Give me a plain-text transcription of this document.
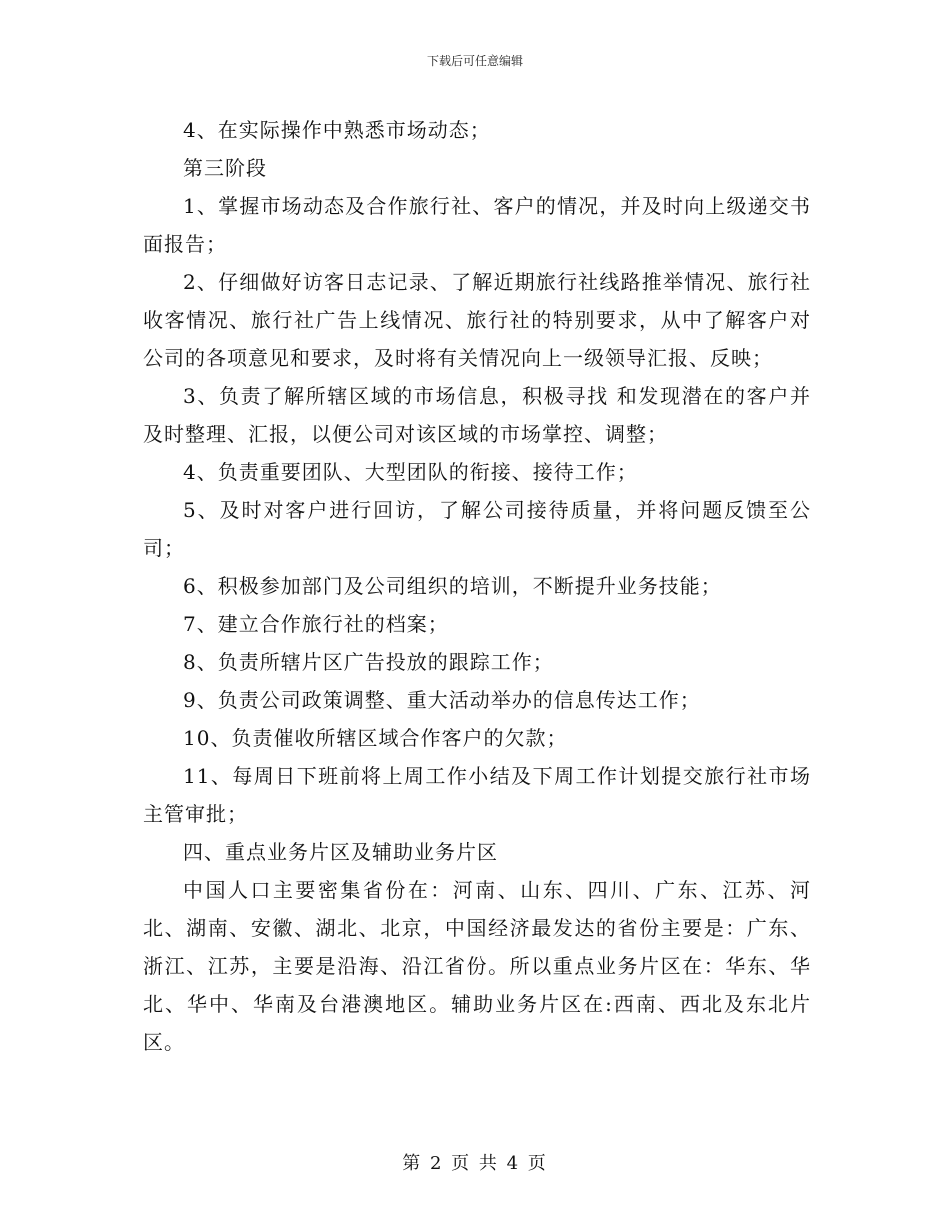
下载后可任意编辑

4、在实际操作中熟悉市场动态；

第三阶段

1、掌握市场动态及合作旅行社、客户的情况，并及时向上级递交书面报告；

2、仔细做好访客日志记录、了解近期旅行社线路推举情况、旅行社收客情况、旅行社广告上线情况、旅行社的特别要求，从中了解客户对公司的各项意见和要求，及时将有关情况向上一级领导汇报、反映；

3、负责了解所辖区域的市场信息，积极寻找 和发现潜在的客户并及时整理、汇报，以便公司对该区域的市场掌控、调整；

4、负责重要团队、大型团队的衔接、接待工作；

5、及时对客户进行回访，了解公司接待质量，并将问题反馈至公司；

6、积极参加部门及公司组织的培训，不断提升业务技能；

7、建立合作旅行社的档案；

8、负责所辖片区广告投放的跟踪工作；

9、负责公司政策调整、重大活动举办的信息传达工作；

10、负责催收所辖区域合作客户的欠款；

11、每周日下班前将上周工作小结及下周工作计划提交旅行社市场主管审批；

四、重点业务片区及辅助业务片区

中国人口主要密集省份在：河南、山东、四川、广东、江苏、河北、湖南、安徽、湖北、北京，中国经济最发达的省份主要是：广东、浙江、江苏，主要是沿海、沿江省份。所以重点业务片区在：华东、华北、华中、华南及台港澳地区。辅助业务片区在:西南、西北及东北片区。

第 2 页 共 4 页
